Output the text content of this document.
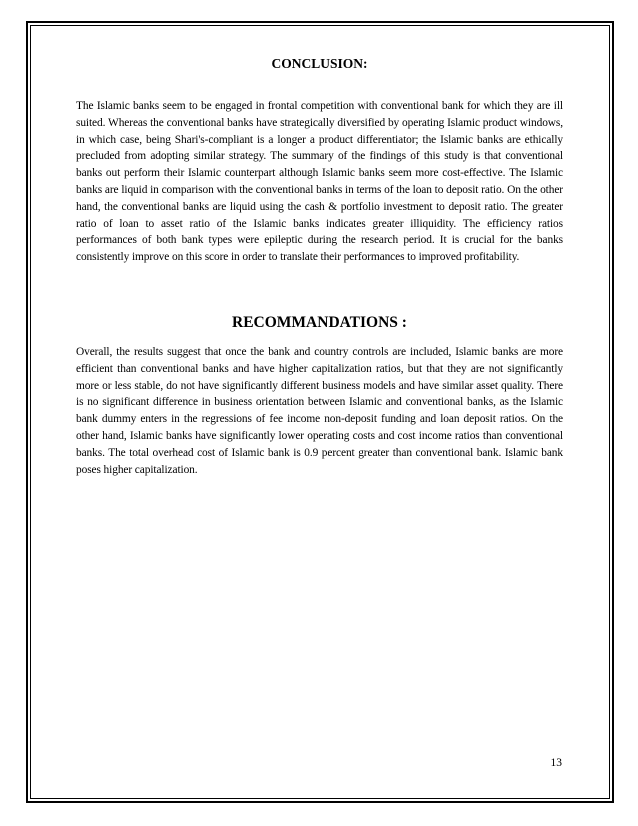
CONCLUSION:

The Islamic banks seem to be engaged in frontal competition with conventional bank for which they are ill suited. Whereas the conventional banks have strategically diversified by operating Islamic product windows, in which case, being Shari's-compliant is a longer a product differentiator; the Islamic banks are ethically precluded from adopting similar strategy. The summary of the findings of this study is that conventional banks out perform their Islamic counterpart although Islamic banks seem more cost-effective. The Islamic banks are liquid in comparison with the conventional banks in terms of the loan to deposit ratio. On the other hand, the conventional banks are liquid using the cash & portfolio investment to deposit ratio. The greater ratio of loan to asset ratio of the Islamic banks indicates greater illiquidity. The efficiency ratios performances of both bank types were epileptic during the research period. It is crucial for the banks consistently improve on this score in order to translate their performances to improved profitability.

RECOMMANDATIONS :

Overall, the results suggest that once the bank and country controls are included, Islamic banks are more efficient than conventional banks and have higher capitalization ratios, but that they are not significantly more or less stable, do not have significantly different business models and have similar asset quality. There is no significant difference in business orientation between Islamic and conventional banks, as the Islamic bank dummy enters in the regressions of fee income non-deposit funding and loan deposit ratios. On the other hand, Islamic banks have significantly lower operating costs and cost income ratios than conventional banks. The total overhead cost of Islamic bank is 0.9 percent greater than conventional bank. Islamic bank poses higher capitalization.

13
